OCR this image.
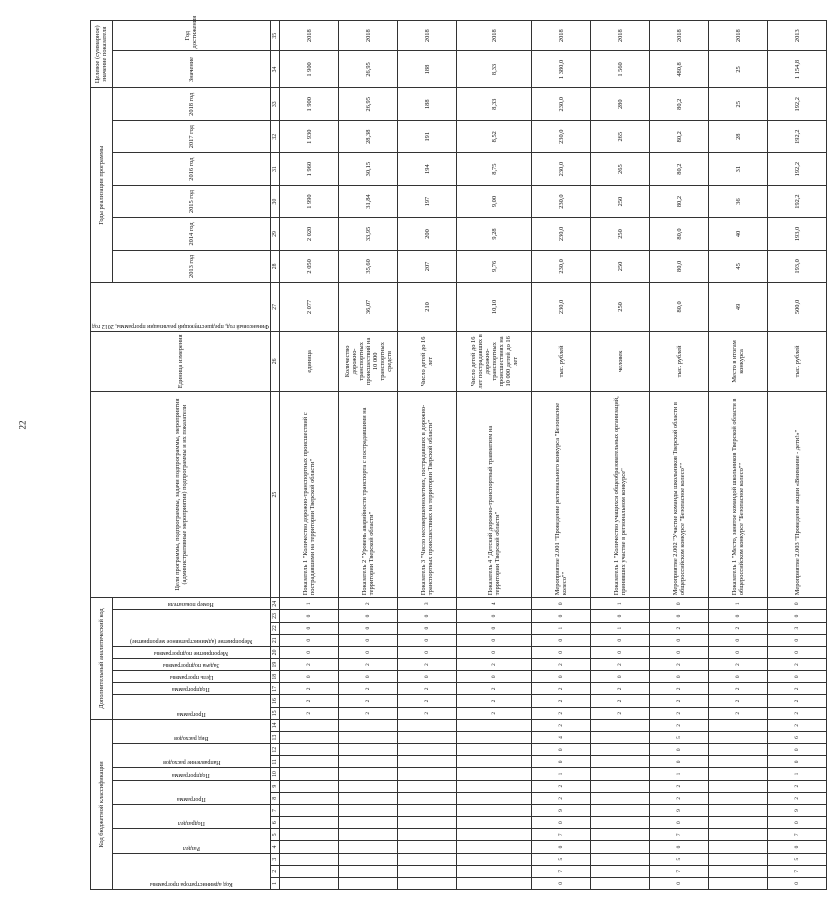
22
Код бюджетной классификации														Дополнительный аналитический код										Цели программы, подпрограммы, задачи подпрограммы, мероприятия (административные мероприятия) подпрограммы и их показатели	Единица измерения	Финансовый год, предшествующий реализации программы, 2012 год	Годы реализации программы						Целевое (суммарное) значение показателя	

Код администратора программы			Раздел		Подраздел		Программа		Подпрограмма	Направление расходов		Вид расходов		Программа		Подпрограмма	Цель программы	Задача подпрограммы	Мероприятие подпрограммы	Мероприятие (административное мероприятие)			Номер показателя				2013 год	2014 год	2015 год	2016 год	2017 год	2018 год	Значение	Год достижения
1	2	3	4	5	6	7	8	9	10	11	12	13	14	15	16	17	18	19	20	21	22	23	24	25	26	27	28	29	30	31	32	33	34	35
														2	2	2	0	2	0	0	0	0	1	Показатель 1 "Количество дорожно-транспортных происшествий с пострадавшими на территории Тверской области"	единица	2 077	2 050	2 020	1 990	1 960	1 930	1 900	1 900	2018
														2	2	2	0	2	0	0	0	0	2	Показатель 2 "Уровень аварийности транспорта с пострадавшими на территории Тверской области"	Количество дорожно-транспортных происшествий на 10 000 транспортных средств	36,07	35,60	33,95	31,84	30,15	28,38	26,95	26,95	2018
														2	2	2	0	2	0	0	0	0	3	Показатель 3 "Число несовершеннолетних, пострадавших в дорожно-транспортных происшествиях на территории Тверской области"	Число детей до 16 лет	210	207	200	197	194	191	188	188	2018
														2	2	2	0	2	0	0	0	0	4	Показатель 4 "Детский дорожно-транспортный травматизм на территории Тверской области"	Число детей до 16 лет пострадавших в дорожно-транспортных происшествиях на 10 000 детей до 16 лет	10,10	9,76	9,28	9,00	8,75	8,52	8,33	8,33	2018
0	7	5	0	7	0	9	2	2	1	0	0	4	2	2	2	2	0	2	0	0	1	0	0	Мероприятие 2.001 "Проведение регионального конкурса "Безопасное колесо""	тыс. рублей	230,0	230,0	230,0	230,0	230,0	230,0	230,0	1 380,0	2018
														2	2	2	0	2	0	0	1	0	1	Показатель 1 "Количество учащихся общеобразовательных организаций, принявших участие в региональном конкурсе"	человек	250	250	250	250	265	265	280	1 560	2018
0	7	5	0	7	0	9	2	2	1	0	0	5	2	2	2	2	0	2	0	0	2	0	0	Мероприятие 2.002 "Участие команды школьников Тверской области в общероссийском конкурсе "Безопасное колесо""	тыс. рублей	80,0	80,0	80,0	80,2	80,2	80,2	80,2	480,8	2018
														2	2	2	0	2	0	0	2	0	1	Показатель 1 "Место, занятое командой школьников Тверской области в общероссийском конкурсе "Безопасное колесо""	Место в итогам конкурса	49	45	40	36	31	28	25	25	2018
0	7	5	0	7	0	9	2	2	1	0	0	6	2	2	2	2	0	2	0	0	3	0	0	Мероприятие 2.003 "Проведение акции «Внимание - дети!»"	тыс. рублей	500,0	193,0	193,0	192,2	192,2	192,2	192,2	1 154,8	2013
